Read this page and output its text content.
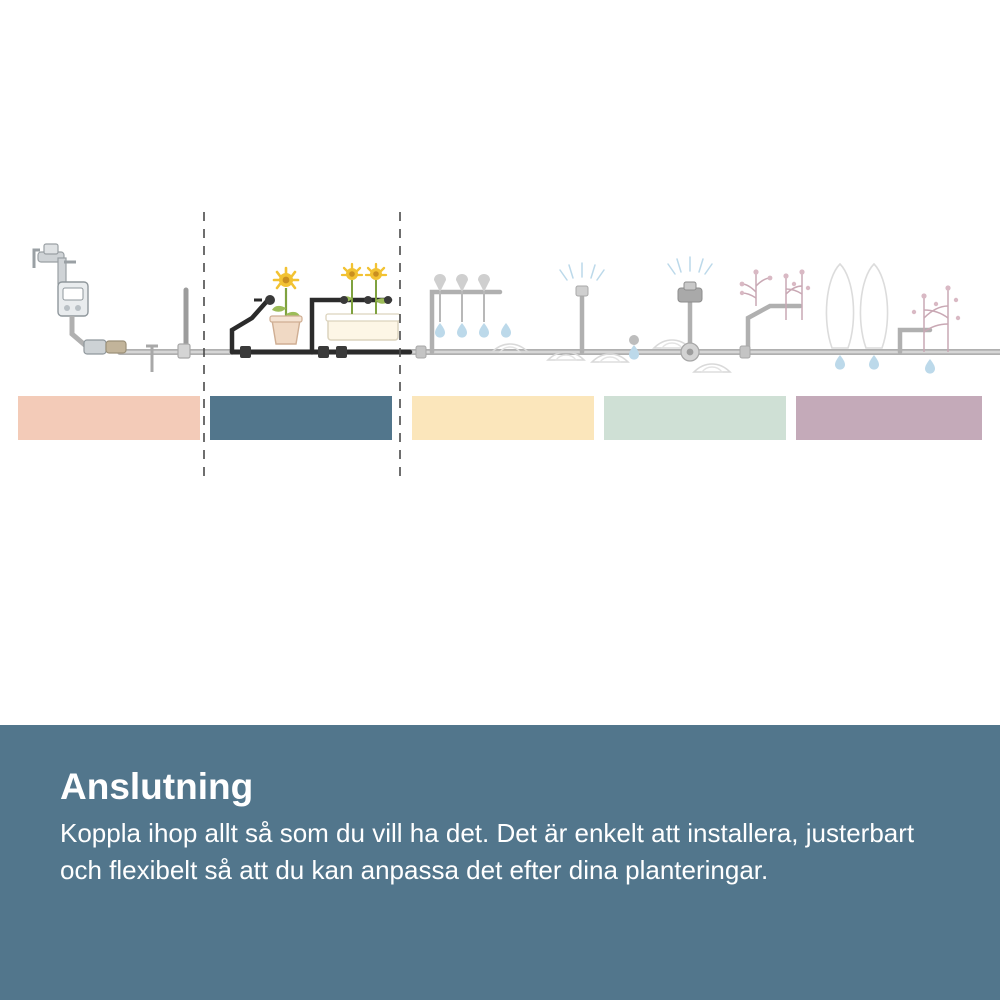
Anslutning

Koppla ihop allt så som du vill ha det. Det är enkelt att installera, justerbart och flexibelt så att du kan anpassa det efter dina planteringar.
